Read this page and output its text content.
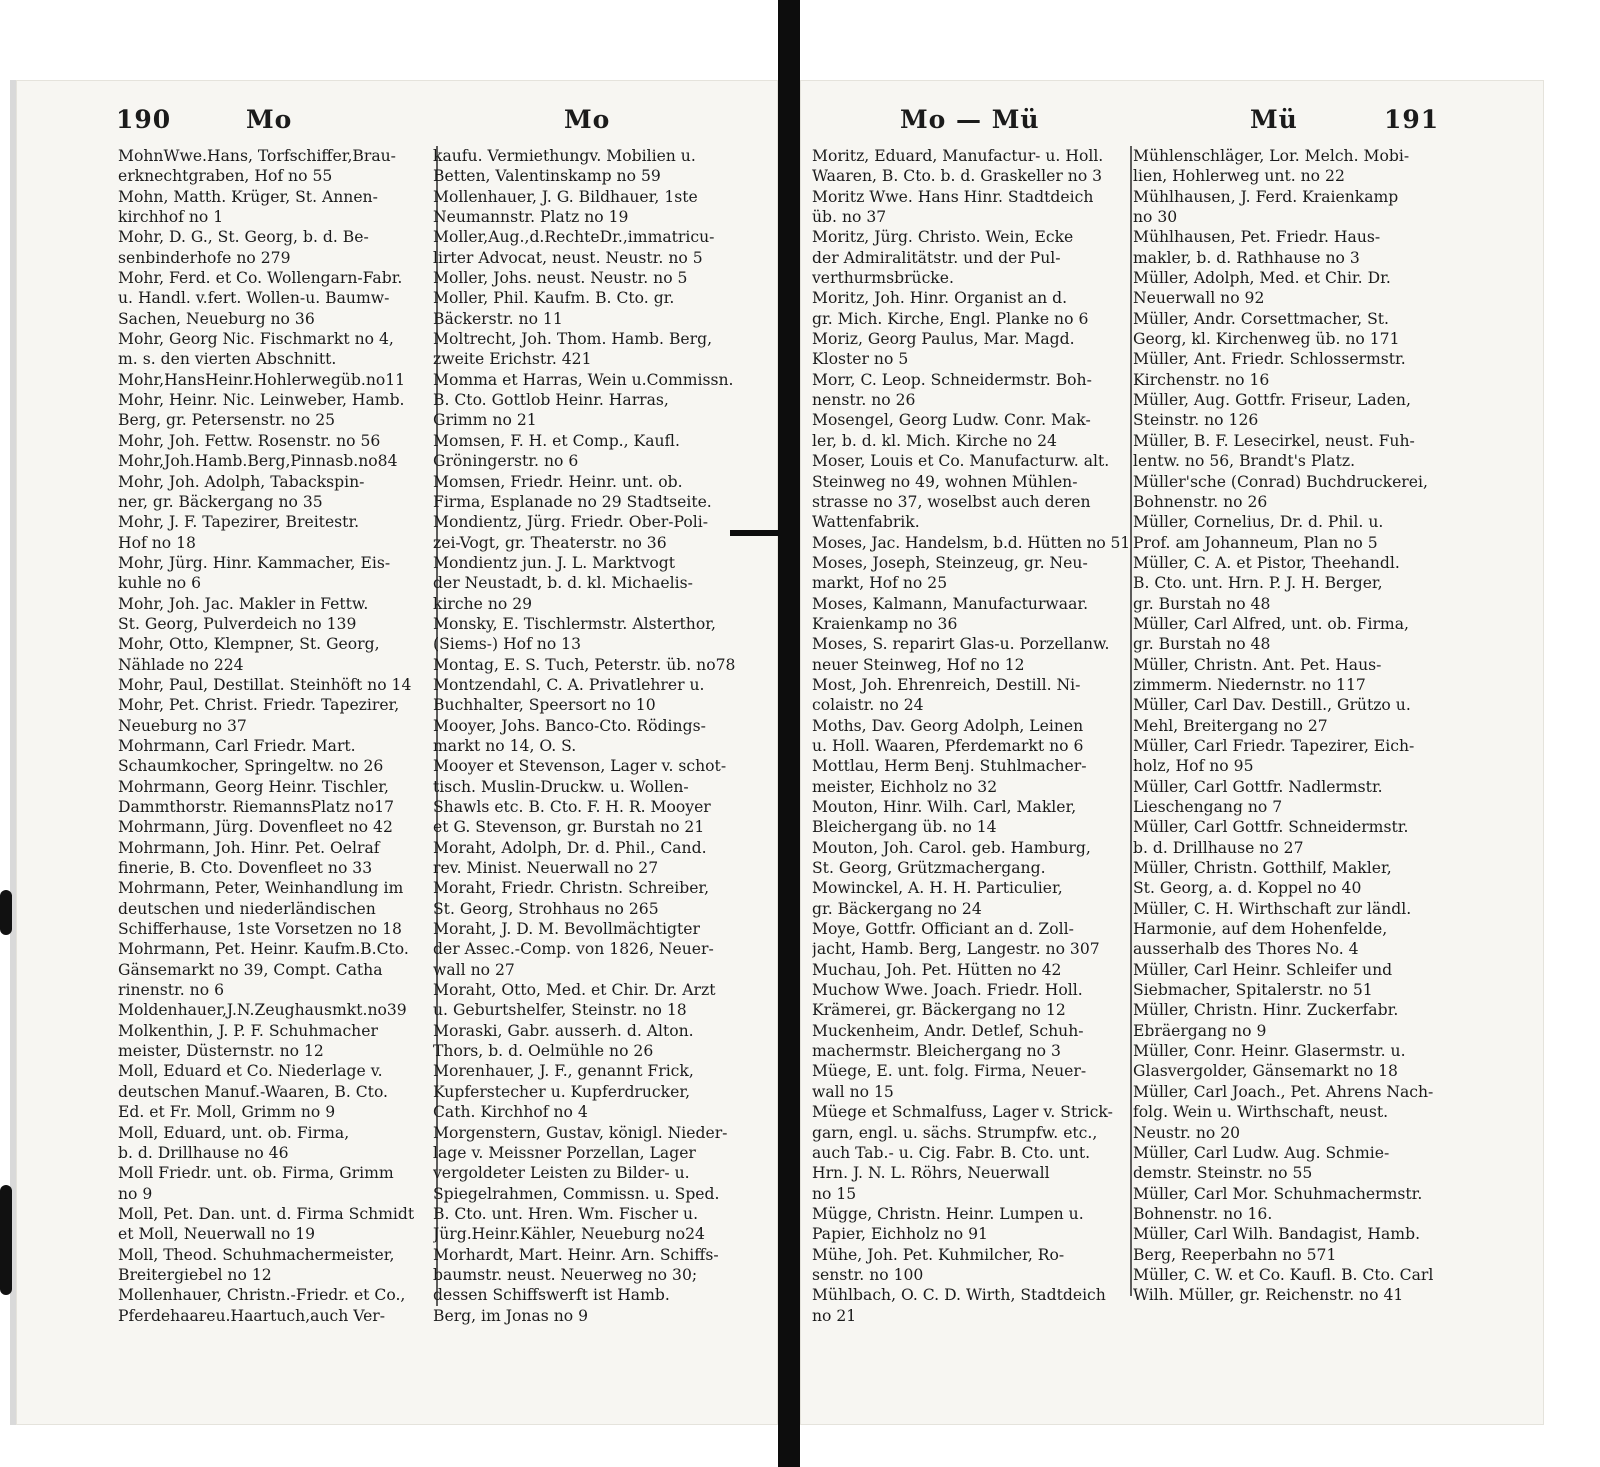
190	Mo	Mo
MohnWwe.Hans, Torfschiffer,Brau-
erknechtgraben, Hof no 55
Mohn, Matth. Krüger, St. Annen-
kirchhof no 1
Mohr, D. G., St. Georg, b. d. Be-
senbinderhofe no 279
Mohr, Ferd. et Co. Wollengarn-Fabr.
u. Handl. v.fert. Wollen-u. Baumw-
Sachen, Neueburg no 36
Mohr, Georg Nic. Fischmarkt no 4,
m. s. den vierten Abschnitt.
Mohr,HansHeinr.Hohlerwegüb.no11
Mohr, Heinr. Nic. Leinweber, Hamb.
Berg, gr. Petersenstr. no 25
Mohr, Joh. Fettw. Rosenstr. no 56
Mohr,Joh.Hamb.Berg,Pinnasb.no84
Mohr, Joh. Adolph, Tabackspin-
ner, gr. Bäckergang no 35
Mohr, J. F. Tapezirer, Breitestr.
Hof no 18
Mohr, Jürg. Hinr. Kammacher, Eis-
kuhle no 6
Mohr, Joh. Jac. Makler in Fettw.
St. Georg, Pulverdeich no 139
Mohr, Otto, Klempner, St. Georg,
Nählade no 224
Mohr, Paul, Destillat. Steinhöft no 14
Mohr, Pet. Christ. Friedr. Tapezirer,
Neueburg no 37
Mohrmann, Carl Friedr. Mart.
Schaumkocher, Springeltw. no 26
Mohrmann, Georg Heinr. Tischler,
Dammthorstr. RiemannsPlatz no17
Mohrmann, Jürg. Dovenfleet no 42
Mohrmann, Joh. Hinr. Pet. Oelraf
finerie, B. Cto. Dovenfleet no 33
Mohrmann, Peter, Weinhandlung im
deutschen und niederländischen
Schifferhause, 1ste Vorsetzen no 18
Mohrmann, Pet. Heinr. Kaufm.B.Cto.
Gänsemarkt no 39, Compt. Catha
rinenstr. no 6
Moldenhauer,J.N.Zeughausmkt.no39
Molkenthin, J. P. F. Schuhmacher
meister, Düsternstr. no 12
Moll, Eduard et Co. Niederlage v.
deutschen Manuf.-Waaren, B. Cto.
Ed. et Fr. Moll, Grimm no 9
Moll, Eduard, unt. ob. Firma,
b. d. Drillhause no 46
Moll Friedr. unt. ob. Firma, Grimm
no 9
Moll, Pet. Dan. unt. d. Firma Schmidt
et Moll, Neuerwall no 19
Moll, Theod. Schuhmachermeister,
Breitergiebel no 12
Mollenhauer, Christn.-Friedr. et Co.,
Pferdehaareu.Haartuch,auch Ver-
kaufu. Vermiethungv. Mobilien u.
Betten, Valentinskamp no 59
Mollenhauer, J. G. Bildhauer, 1ste
Neumannstr. Platz no 19
Moller,Aug.,d.RechteDr.,immatricu-
lirter Advocat, neust. Neustr. no 5
Moller, Johs. neust. Neustr. no 5
Moller, Phil. Kaufm. B. Cto. gr.
Bäckerstr. no 11
Moltrecht, Joh. Thom. Hamb. Berg,
zweite Erichstr. 421
Momma et Harras, Wein u.Commissn.
B. Cto. Gottlob Heinr. Harras,
Grimm no 21
Momsen, F. H. et Comp., Kaufl.
Gröningerstr. no 6
Momsen, Friedr. Heinr. unt. ob.
Firma, Esplanade no 29 Stadtseite.
Mondientz, Jürg. Friedr. Ober-Poli-
zei-Vogt, gr. Theaterstr. no 36
Mondientz jun. J. L. Marktvogt
der Neustadt, b. d. kl. Michaelis-
kirche no 29
Monsky, E. Tischlermstr. Alsterthor,
(Siems-) Hof no 13
Montag, E. S. Tuch, Peterstr. üb. no78
Montzendahl, C. A. Privatlehrer u.
Buchhalter, Speersort no 10
Mooyer, Johs. Banco-Cto. Rödings-
markt no 14, O. S.
Mooyer et Stevenson, Lager v. schot-
tisch. Muslin-Druckw. u. Wollen-
Shawls etc. B. Cto. F. H. R. Mooyer
et G. Stevenson, gr. Burstah no 21
Moraht, Adolph, Dr. d. Phil., Cand.
rev. Minist. Neuerwall no 27
Moraht, Friedr. Christn. Schreiber,
St. Georg, Strohhaus no 265
Moraht, J. D. M. Bevollmächtigter
der Assec.-Comp. von 1826, Neuer-
wall no 27
Moraht, Otto, Med. et Chir. Dr. Arzt
u. Geburtshelfer, Steinstr. no 18
Moraski, Gabr. ausserh. d. Alton.
Thors, b. d. Oelmühle no 26
Morenhauer, J. F., genannt Frick,
Kupferstecher u. Kupferdrucker,
Cath. Kirchhof no 4
Morgenstern, Gustav, königl. Nieder-
lage v. Meissner Porzellan, Lager
vergoldeter Leisten zu Bilder- u.
Spiegelrahmen, Commissn. u. Sped.
B. Cto. unt. Hren. Wm. Fischer u.
Jürg.Heinr.Kähler, Neueburg no24
Morhardt, Mart. Heinr. Arn. Schiffs-
baumstr. neust. Neuerweg no 30;
dessen Schiffswerft ist Hamb.
Berg, im Jonas no 9
Mo — Mü	Mü	191
Moritz, Eduard, Manufactur- u. Holl.
Waaren, B. Cto. b. d. Graskeller no 3
Moritz Wwe. Hans Hinr. Stadtdeich
üb. no 37
Moritz, Jürg. Christo. Wein, Ecke
der Admiralitätstr. und der Pul-
verthurmsbrücke.
Moritz, Joh. Hinr. Organist an d.
gr. Mich. Kirche, Engl. Planke no 6
Moriz, Georg Paulus, Mar. Magd.
Kloster no 5
Morr, C. Leop. Schneidermstr. Boh-
nenstr. no 26
Mosengel, Georg Ludw. Conr. Mak-
ler, b. d. kl. Mich. Kirche no 24
Moser, Louis et Co. Manufacturw. alt.
Steinweg no 49, wohnen Mühlen-
strasse no 37, woselbst auch deren
Wattenfabrik.
Moses, Jac. Handelsm, b.d. Hütten no 51
Moses, Joseph, Steinzeug, gr. Neu-
markt, Hof no 25
Moses, Kalmann, Manufacturwaar.
Kraienkamp no 36
Moses, S. reparirt Glas-u. Porzellanw.
neuer Steinweg, Hof no 12
Most, Joh. Ehrenreich, Destill. Ni-
colaistr. no 24
Moths, Dav. Georg Adolph, Leinen
u. Holl. Waaren, Pferdemarkt no 6
Mottlau, Herm Benj. Stuhlmacher-
meister, Eichholz no 32
Mouton, Hinr. Wilh. Carl, Makler,
Bleichergang üb. no 14
Mouton, Joh. Carol. geb. Hamburg,
St. Georg, Grützmachergang.
Mowinckel, A. H. H. Particulier,
gr. Bäckergang no 24
Moye, Gottfr. Officiant an d. Zoll-
jacht, Hamb. Berg, Langestr. no 307
Muchau, Joh. Pet. Hütten no 42
Muchow Wwe. Joach. Friedr. Holl.
Krämerei, gr. Bäckergang no 12
Muckenheim, Andr. Detlef, Schuh-
machermstr. Bleichergang no 3
Müege, E. unt. folg. Firma, Neuer-
wall no 15
Müege et Schmalfuss, Lager v. Strick-
garn, engl. u. sächs. Strumpfw. etc.,
auch Tab.- u. Cig. Fabr. B. Cto. unt.
Hrn. J. N. L. Röhrs, Neuerwall
no 15
Mügge, Christn. Heinr. Lumpen u.
Papier, Eichholz no 91
Mühe, Joh. Pet. Kuhmilcher, Ro-
senstr. no 100
Mühlbach, O. C. D. Wirth, Stadtdeich
no 21
Mühlenschläger, Lor. Melch. Mobi-
lien, Hohlerweg unt. no 22
Mühlhausen, J. Ferd. Kraienkamp
no 30
Mühlhausen, Pet. Friedr. Haus-
makler, b. d. Rathhause no 3
Müller, Adolph, Med. et Chir. Dr.
Neuerwall no 92
Müller, Andr. Corsettmacher, St.
Georg, kl. Kirchenweg üb. no 171
Müller, Ant. Friedr. Schlossermstr.
Kirchenstr. no 16
Müller, Aug. Gottfr. Friseur, Laden,
Steinstr. no 126
Müller, B. F. Lesecirkel, neust. Fuh-
lentw. no 56, Brandt's Platz.
Müller'sche (Conrad) Buchdruckerei,
Bohnenstr. no 26
Müller, Cornelius, Dr. d. Phil. u.
Prof. am Johanneum, Plan no 5
Müller, C. A. et Pistor, Theehandl.
B. Cto. unt. Hrn. P. J. H. Berger,
gr. Burstah no 48
Müller, Carl Alfred, unt. ob. Firma,
gr. Burstah no 48
Müller, Christn. Ant. Pet. Haus-
zimmerm. Niedernstr. no 117
Müller, Carl Dav. Destill., Grützo u.
Mehl, Breitergang no 27
Müller, Carl Friedr. Tapezirer, Eich-
holz, Hof no 95
Müller, Carl Gottfr. Nadlermstr.
Lieschengang no 7
Müller, Carl Gottfr. Schneidermstr.
b. d. Drillhause no 27
Müller, Christn. Gotthilf, Makler,
St. Georg, a. d. Koppel no 40
Müller, C. H. Wirthschaft zur ländl.
Harmonie, auf dem Hohenfelde,
ausserhalb des Thores No. 4
Müller, Carl Heinr. Schleifer und
Siebmacher, Spitalerstr. no 51
Müller, Christn. Hinr. Zuckerfabr.
Ebräergang no 9
Müller, Conr. Heinr. Glasermstr. u.
Glasvergolder, Gänsemarkt no 18
Müller, Carl Joach., Pet. Ahrens Nach-
folg. Wein u. Wirthschaft, neust.
Neustr. no 20
Müller, Carl Ludw. Aug. Schmie-
demstr. Steinstr. no 55
Müller, Carl Mor. Schuhmachermstr.
Bohnenstr. no 16.
Müller, Carl Wilh. Bandagist, Hamb.
Berg, Reeperbahn no 571
Müller, C. W. et Co. Kaufl. B. Cto. Carl
Wilh. Müller, gr. Reichenstr. no 41
